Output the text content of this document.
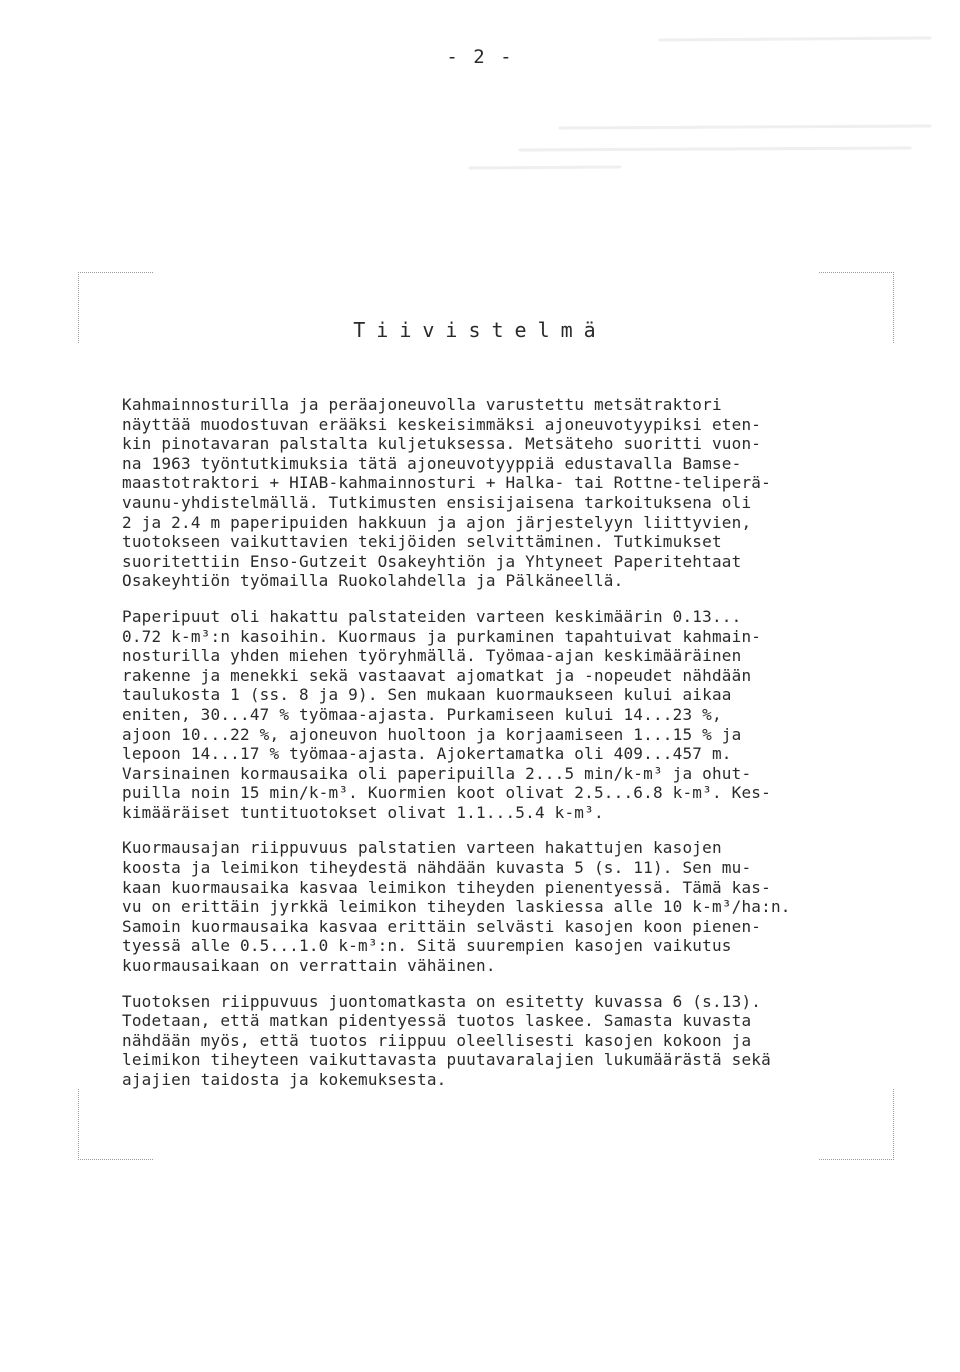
- 2 -
Tiivistelmä

Kahmainnosturilla ja peräajoneuvolla varustettu metsätraktori
näyttää muodostuvan erääksi keskeisimmäksi ajoneuvotyypiksi eten-
kin pinotavaran palstalta kuljetuksessa. Metsäteho suoritti vuon-
na 1963 työntutkimuksia tätä ajoneuvotyyppiä edustavalla Bamse-
maastotraktori + HIAB-kahmainnosturi + Halka- tai Rottne-teliperä-
vaunu-yhdistelmällä. Tutkimusten ensisijaisena tarkoituksena oli
2 ja 2.4 m paperipuiden hakkuun ja ajon järjestelyyn liittyvien,
tuotokseen vaikuttavien tekijöiden selvittäminen. Tutkimukset
suoritettiin Enso-Gutzeit Osakeyhtiön ja Yhtyneet Paperitehtaat
Osakeyhtiön työmailla Ruokolahdella ja Pälkäneellä.

Paperipuut oli hakattu palstateiden varteen keskimäärin 0.13...
0.72 k-m³:n kasoihin. Kuormaus ja purkaminen tapahtuivat kahmain-
nosturilla yhden miehen työryhmällä. Työmaa-ajan keskimääräinen
rakenne ja menekki sekä vastaavat ajomatkat ja -nopeudet nähdään
taulukosta 1 (ss. 8 ja 9). Sen mukaan kuormaukseen kului aikaa
eniten, 30...47 % työmaa-ajasta. Purkamiseen kului 14...23 %,
ajoon 10...22 %, ajoneuvon huoltoon ja korjaamiseen 1...15 % ja
lepoon 14...17 % työmaa-ajasta. Ajokertamatka oli 409...457 m.
Varsinainen kormausaika oli paperipuilla 2...5 min/k-m³ ja ohut-
puilla noin 15 min/k-m³. Kuormien koot olivat 2.5...6.8 k-m³. Kes-
kimääräiset tuntituotokset olivat 1.1...5.4 k-m³.

Kuormausajan riippuvuus palstatien varteen hakattujen kasojen
koosta ja leimikon tiheydestä nähdään kuvasta 5 (s. 11). Sen mu-
kaan kuormausaika kasvaa leimikon tiheyden pienentyessä. Tämä kas-
vu on erittäin jyrkkä leimikon tiheyden laskiessa alle 10 k-m³/ha:n.
Samoin kuormausaika kasvaa erittäin selvästi kasojen koon pienen-
tyessä alle 0.5...1.0 k-m³:n. Sitä suurempien kasojen vaikutus
kuormausaikaan on verrattain vähäinen.

Tuotoksen riippuvuus juontomatkasta on esitetty kuvassa 6 (s.13).
Todetaan, että matkan pidentyessä tuotos laskee. Samasta kuvasta
nähdään myös, että tuotos riippuu oleellisesti kasojen kokoon ja
leimikon tiheyteen vaikuttavasta puutavaralajien lukumäärästä sekä
ajajien taidosta ja kokemuksesta.
